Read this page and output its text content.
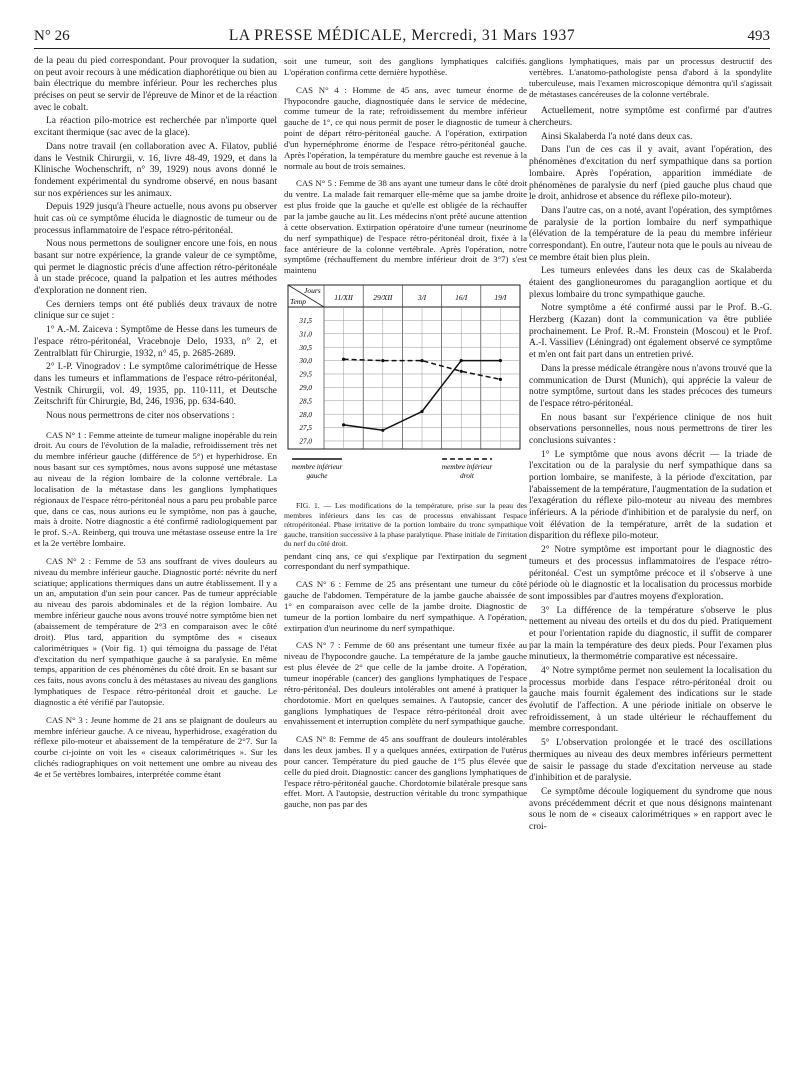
N° 26	LA PRESSE MÉDICALE, Mercredi, 31 Mars 1937	493

de la peau du pied correspondant. Pour provoquer la sudation, on peut avoir recours à une médication diaphorétique ou bien au bain électrique du membre inférieur. Pour les recherches plus précises on peut se servir de l'épreuve de Minor et de la réaction avec le cobalt.

La réaction pilo-motrice est recherchée par n'importe quel excitant thermique (sac avec de la glace).

Dans notre travail (en collaboration avec A. Filatov, publié dans le Vestnik Chirurgii, v. 16, livre 48-49, 1929, et dans la Klinische Wochenschrift, n° 39, 1929) nous avons donné le fondement expérimental du syndrome observé, en nous basant sur nos expériences sur les animaux.

Depuis 1929 jusqu'à l'heure actuelle, nous avons pu observer huit cas où ce symptôme élucida le diagnostic de tumeur ou de processus inflammatoire de l'espace rétro-péritonéal.

Nous nous permettons de souligner encore une fois, en nous basant sur notre expérience, la grande valeur de ce symptôme, qui permet le diagnostic précis d'une affection rétro-péritonéale à un stade précoce, quand la palpation et les autres méthodes d'exploration ne donnent rien.

Ces derniers temps ont été publiés deux travaux de notre clinique sur ce sujet :

1° A.-M. Zaiceva : Symptôme de Hesse dans les tumeurs de l'espace rétro-péritonéal, Vracebnoje Delo, 1933, n° 2, et Zentralblatt für Chirurgie, 1932, n° 45, p. 2685-2689.

2° I.-P. Vinogradov : Le symptôme calorimétrique de Hesse dans les tumeurs et inflammations de l'espace rétro-péritonéal, Vestnik Chirurgii, vol. 49, 1935, pp. 110-111, et Deutsche Zeitschrift für Chirurgie, Bd, 246, 1936, pp. 634-640.

Nous nous permettrons de citer nos observations :

CAS N° 1 : Femme atteinte de tumeur maligne inopérable du rein droit. Au cours de l'évolution de la maladie, refroidissement très net du membre inférieur gauche (différence de 5°) et hyperhidrose. En nous basant sur ces symptômes, nous avons supposé une métastase au niveau de la région lombaire de la colonne vertébrale. La localisation de la métastase dans les ganglions lymphatiques régionaux de l'espace rétro-péritonéal nous a paru peu probable parce que, dans ce cas, nous aurions eu le symptôme, non pas à gauche, mais à droite. Notre diagnostic a été confirmé radiologiquement par le prof. S.-A. Reinberg, qui trouva une métastase osseuse entre la 1re et la 2e vertèbre lombaire.

CAS N° 2 : Femme de 53 ans souffrant de vives douleurs au niveau du membre inférieur gauche. Diagnostic porté: névrite du nerf sciatique; applications thermiques dans un autre établissement. Il y a un an, amputation d'un sein pour cancer. Pas de tumeur appréciable au niveau des parois abdominales et de la région lombaire. Au membre inférieur gauche nous avons trouvé notre symptôme bien net (abaissement de température de 2°3 en comparaison avec le côté droit). Plus tard, apparition du symptôme des « ciseaux calorimétriques » (Voir fig. 1) qui témoigna du passage de l'état d'excitation du nerf sympathique gauche à sa paralysie. En même temps, apparition de ces phénomènes du côté droit. En se basant sur ces faits, nous avons conclu à des métastases au niveau des ganglions lymphatiques de l'espace rétro-péritonéal droit et gauche. Le diagnostic a été vérifié par l'autopsie.

CAS N° 3 : Jeune homme de 21 ans se plaignant de douleurs au membre inférieur gauche. A ce niveau, hyperhidrose, exagération du réflexe pilo-moteur et abaissement de la température de 2°7. Sur la courbe ci-jointe on voit les « ciseaux calorimétriques ». Sur les clichés radiographiques on voit nettement une ombre au niveau des 4e et 5e vertèbres lombaires, interprétée comme étant

soit une tumeur, soit des ganglions lymphatiques calcifiés. L'opération confirma cette dernière hypothèse.

CAS N° 4 : Homme de 45 ans, avec tumeur énorme de l'hypocondre gauche, diagnostiquée dans le service de médecine, comme tumeur de la rate; refroidissement du membre inférieur gauche de 1°, ce qui nous permit de poser le diagnostic de tumeur à point de départ rétro-péritonéal gauche. A l'opération, extirpation d'un hypernéphrome énorme de l'espace rétro-péritonéal gauche. Après l'opération, la température du membre gauche est revenue à la normale au bout de trois semaines.

CAS N° 5 : Femme de 38 ans ayant une tumeur dans le côté droit du ventre. La malade fait remarquer elle-même que sa jambe droite est plus froide que la gauche et qu'elle est obligée de la réchauffer par la jambe gauche au lit. Les médecins n'ont prêté aucune attention à cette observation. Extirpation opératoire d'une tumeur (neurinome du nerf sympathique) de l'espace rétro-péritonéal droit, fixée à la face antérieure de la colonne vertébrale. Après l'opération, notre symptôme (réchauffement du membre inférieur droit de 3°7) s'est maintenu

Jours
Temp	11/XII	29/XII	3/I	16/I	19/I
31,5
31,0
30,5
30,0
29,5
29,0
28,5
28,0
27,5
27,0
membre inférieur
gauche
membre inférieur
droit

FIG. 1. — Les modifications de la température, prise sur la peau des membres inférieurs dans les cas de processus envahissant l'espace rétropéritonéal. Phase irritative de la portion lombaire du tronc sympathique gauche, transition successive à la phase paralytique. Phase initiale de l'irritation du nerf du côté droit.

pendant cinq ans, ce qui s'explique par l'extirpation du segment correspondant du nerf sympathique.

CAS N° 6 : Femme de 25 ans présentant une tumeur du côté gauche de l'abdomen. Température de la jambe gauche abaissée de 1° en comparaison avec celle de la jambe droite. Diagnostic de tumeur de la portion lombaire du nerf sympathique. A l'opération, extirpation d'un neurinome du nerf sympathique.

CAS N° 7 : Femme de 60 ans présentant une tumeur fixée au niveau de l'hypocondre gauche. La température de la jambe gauche est plus élevée de 2° que celle de la jambe droite. A l'opération, tumeur inopérable (cancer) des ganglions lymphatiques de l'espace rétro-péritonéal. Des douleurs intolérables ont amené à pratiquer la chordotomie. Mort en quelques semaines. A l'autopsie, cancer des ganglions lymphatiques de l'espace rétro-péritonéal droit avec envahissement et interruption complète du nerf sympathique gauche.

CAS N° 8: Femme de 45 ans souffrant de douleurs intolérables dans les deux jambes. Il y a quelques années, extirpation de l'utérus pour cancer. Température du pied gauche de 1°5 plus élevée que celle du pied droit. Diagnostic: cancer des ganglions lymphatiques de l'espace rétro-péritonéal gauche. Chordotomie bilatérale presque sans effet. Mort. A l'autopsie, destruction véritable du tronc sympathique gauche, non pas par des

ganglions lymphatiques, mais par un processus destructif des vertèbres. L'anatomo-pathologiste pensa d'abord à la spondylite tuberculeuse, mais l'examen microscopique démontra qu'il s'agissait de métastases cancéreuses de la colonne vertébrale.

Actuellement, notre symptôme est confirmé par d'autres chercheurs.

Ainsi Skalaberda l'a noté dans deux cas.

Dans l'un de ces cas il y avait, avant l'opération, des phénomènes d'excitation du nerf sympathique dans sa portion lombaire. Après l'opération, apparition immédiate de phénomènes de paralysie du nerf (pied gauche plus chaud que le droit, anhidrose et absence du réflexe pilo-moteur).

Dans l'autre cas, on a noté, avant l'opération, des symptômes de paralysie de la portion lombaire du nerf sympathique (élévation de la température de la peau du membre inférieur correspondant). En outre, l'auteur nota que le pouls au niveau de ce membre était bien plus plein.

Les tumeurs enlevées dans les deux cas de Skalaberda étaient des ganglioneuromes du paraganglion aortique et du plexus lombaire du tronc sympathique gauche.

Notre symptôme a été confirmé aussi par le Prof. B.-G. Herzberg (Kazan) dont la communication va être publiée prochainement. Le Prof. R.-M. Fronstein (Moscou) et le Prof. A.-I. Vassiliev (Léningrad) ont également observé ce symptôme et m'en ont fait part dans un entretien privé.

Dans la presse médicale étrangère nous n'avons trouvé que la communication de Durst (Munich), qui apprécie la valeur de notre symptôme, surtout dans les stades précoces des tumeurs de l'espace rétro-péritonéal.

En nous basant sur l'expérience clinique de nos huit observations personnelles, nous nous permettrons de tirer les conclusions suivantes :

1° Le symptôme que nous avons décrit — la triade de l'excitation ou de la paralysie du nerf sympathique dans sa portion lombaire, se manifeste, à la période d'excitation, par l'abaissement de la température, l'augmentation de la sudation et l'exagération du réflexe pilo-moteur au niveau des membres inférieurs. A la période d'inhibition et de paralysie du nerf, on voit élévation de la température, arrêt de la sudation et disparition du réflexe pilo-moteur.

2° Notre symptôme est important pour le diagnostic des tumeurs et des processus inflammatoires de l'espace rétro-péritonéal. C'est un symptôme précoce et il s'observe à une période où le diagnostic et la localisation du processus morbide sont impossibles par d'autres moyens d'exploration.

3° La différence de la température s'observe le plus nettement au niveau des orteils et du dos du pied. Pratiquement et pour l'orientation rapide du diagnostic, il suffit de comparer par la main la température des deux pieds. Pour l'examen plus minutieux, la thermométrie comparative est nécessaire.

4° Notre symptôme permet non seulement la localisation du processus morbide dans l'espace rétro-péritonéal droit ou gauche mais fournit également des indications sur le stade évolutif de l'affection. A une période initiale on observe le refroidissement, à un stade ultérieur le réchauffement du membre correspondant.

5° L'observation prolongée et le tracé des oscillations thermiques au niveau des deux membres inférieurs permettent de saisir le passage du stade d'excitation nerveuse au stade d'inhibition et de paralysie.

Ce symptôme découle logiquement du syndrome que nous avons précédemment décrit et que nous désignons maintenant sous le nom de « ciseaux calorimétriques » en rapport avec le croi-
